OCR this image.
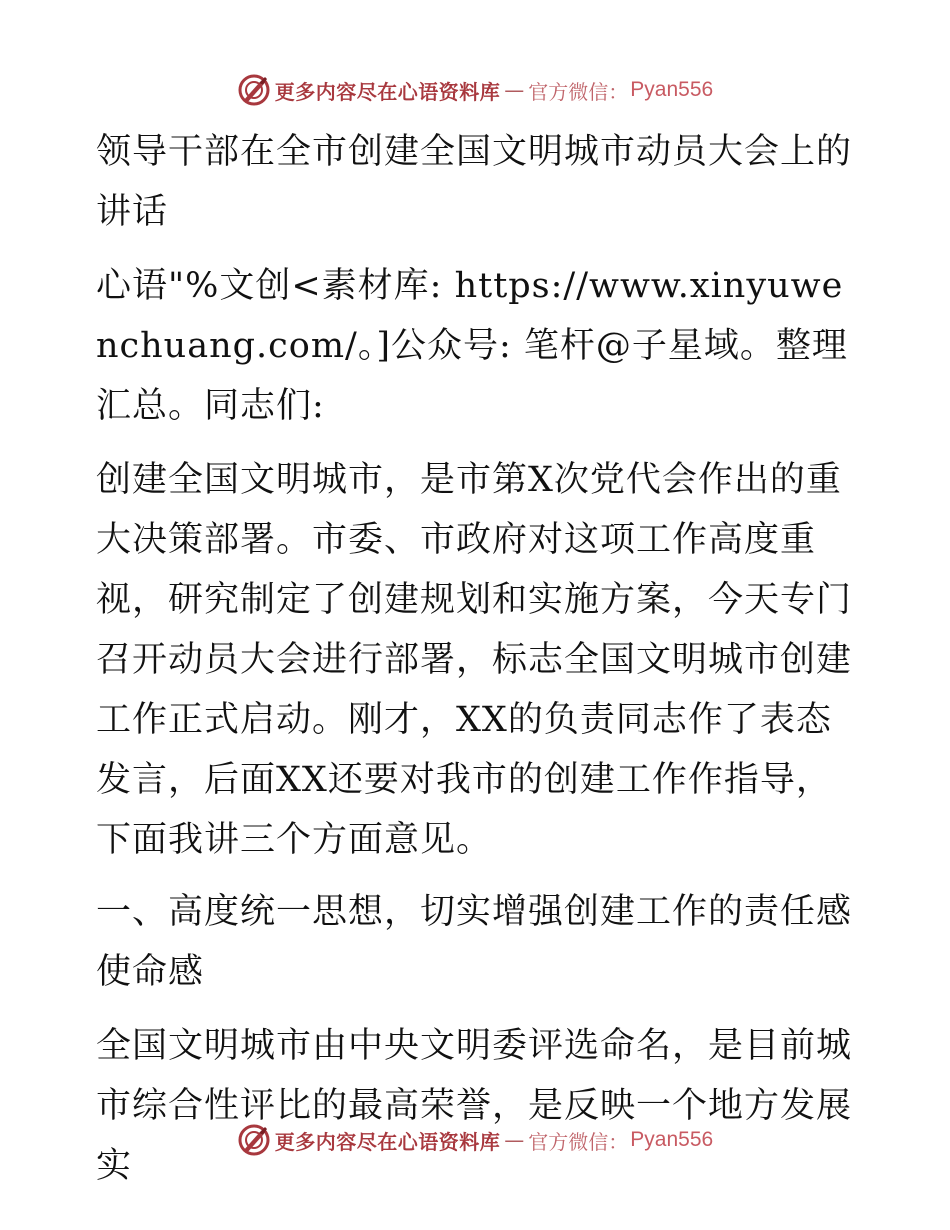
更多内容尽在心语资料库 — 官方微信： Pyan556

领导干部在全市创建全国文明城市动员大会上的讲话

心语"%文创<素材库: https://www.xinyuwenchuang.com/。]公众号: 笔杆@子星域。整理汇总。同志们:

创建全国文明城市，是市第X次党代会作出的重大决策部署。市委、市政府对这项工作高度重视，研究制定了创建规划和实施方案，今天专门召开动员大会进行部署，标志全国文明城市创建工作正式启动。刚才，XX的负责同志作了表态发言，后面XX还要对我市的创建工作作指导，下面我讲三个方面意见。

一、高度统一思想，切实增强创建工作的责任感使命感

全国文明城市由中央文明委评选命名，是目前城市综合性评比的最高荣誉，是反映一个地方发展实

更多内容尽在心语资料库 — 官方微信： Pyan556
